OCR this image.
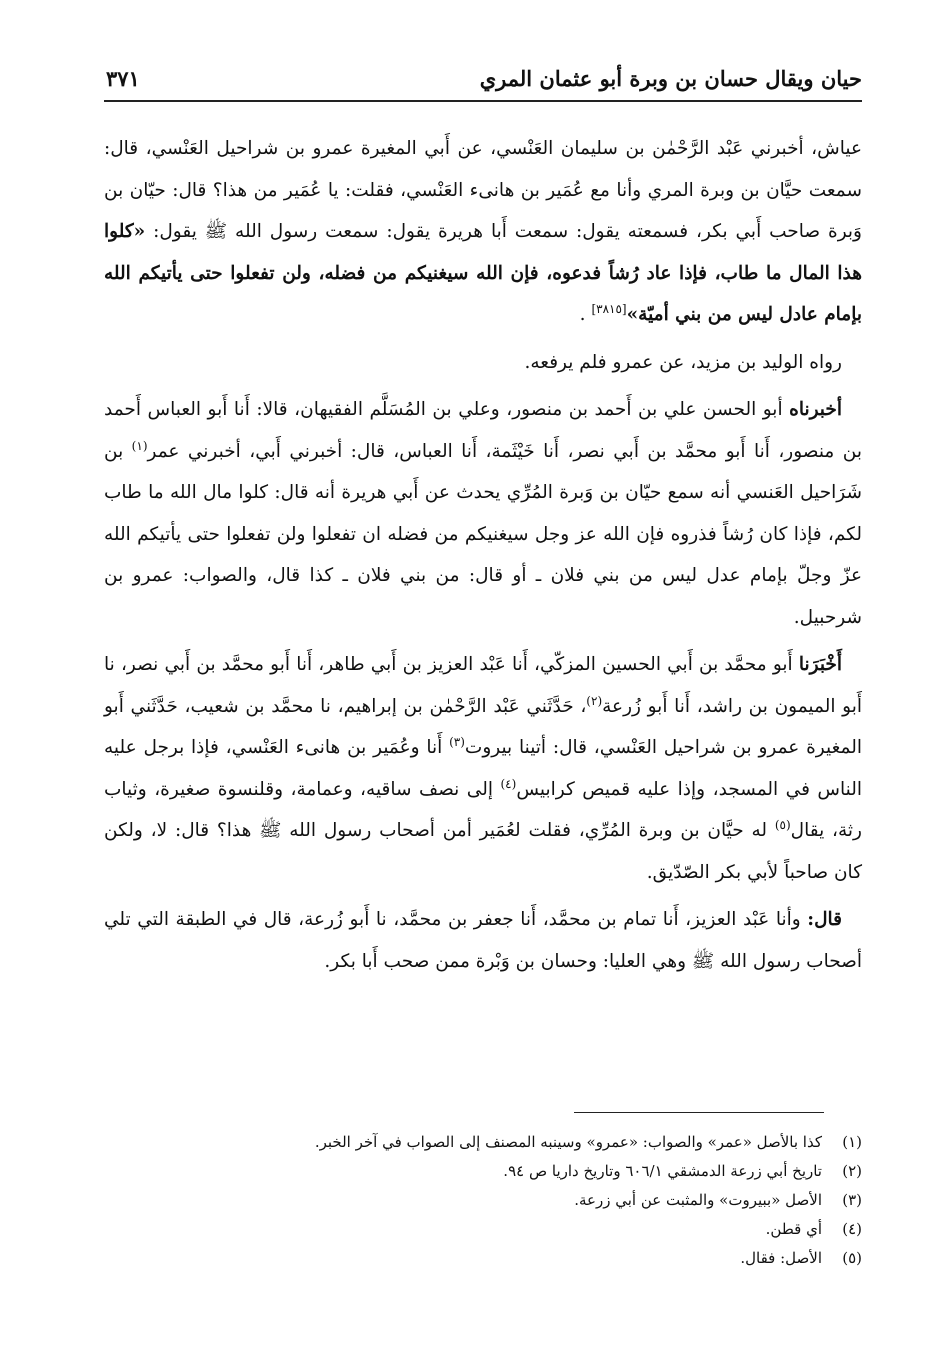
حيان ويقال حسان بن وبرة أبو عثمان المري
٣٧١

عياش، أخبرني عَبْد الرَّحْمٰن بن سليمان العَنْسي، عن أَبي المغيرة عمرو بن شراحيل العَنْسي، قال: سمعت حيَّان بن وبرة المري وأنا مع عُمَير بن هانىء العَنْسي، فقلت: يا عُمَير من هذا؟ قال: حيّان بن وَبرة صاحب أَبي بكر، فسمعته يقول: سمعت أَبا هريرة يقول: سمعت رسول الله ﷺ يقول: «كلوا هذا المال ما طاب، فإذا عاد رُشاً فدعوه، فإن الله سيغنيكم من فضله، ولن تفعلوا حتى يأتيكم الله بإمام عادل ليس من بني أميّة»[٣٨١٥] .

رواه الوليد بن مزيد، عن عمرو فلم يرفعه.

أخبرناه أبو الحسن علي بن أَحمد بن منصور، وعلي بن المُسَلَّم الفقيهان، قالا: أَنا أَبو العباس أَحمد بن منصور، أَنا أَبو محمَّد بن أَبي نصر، أَنا خَيْثَمة، أَنا العباس، قال: أخبرني أَبي، أخبرني عمر$^{(١)}$ بن شَرَاحيل العَنسي أنه سمع حيّان بن وَبرة المُرِّي يحدث عن أَبي هريرة أنه قال: كلوا مال الله ما طاب لكم، فإذا كان رُشاً فذروه فإن الله عز وجل سيغنيكم من فضله ان تفعلوا ولن تفعلوا حتى يأتيكم الله عزّ وجلّ بإمام عدل ليس من بني فلان ـ أو قال: من بني فلان ـ كذا قال، والصواب: عمرو بن شرحبيل.

أَخْبَرَنا أَبو محمَّد بن أَبي الحسين المزكّي، أَنا عَبْد العزيز بن أَبي طاهر، أَنا أَبو محمَّد بن أَبي نصر، نا أَبو الميمون بن راشد، أَنا أَبو زُرعة$^{(٢)}$، حَدَّثَني عَبْد الرَّحْمٰن بن إبراهيم، نا محمَّد بن شعيب، حَدَّثَني أَبو المغيرة عمرو بن شراحيل العَنْسي، قال: أتينا بيروت$^{(٣)}$ أَنا وعُمَير بن هانىء العَنْسي، فإذا برجل عليه الناس في المسجد، وإذا عليه قميص كرابيس$^{(٤)}$ إلى نصف ساقيه، وعمامة، وقلنسوة صغيرة، وثياب رثة، يقال$^{(٥)}$ له حيَّان بن وبرة المُرِّي، فقلت لعُمَير أمن أصحاب رسول الله ﷺ هذا؟ قال: لا، ولكن كان صاحباً لأبي بكر الصّدّيق.

قال: وأنا عَبْد العزيز، أَنا تمام بن محمَّد، أَنا جعفر بن محمَّد، نا أَبو زُرعة، قال في الطبقة التي تلي أصحاب رسول الله ﷺ وهي العليا: وحسان بن وَبْرة ممن صحب أَبا بكر.

(١)
كذا بالأصل «عمر» والصواب: «عمرو» وسينبه المصنف إلى الصواب في آخر الخبر.
(٢)
تاريخ أبي زرعة الدمشقي ٦٠٦/١ وتاريخ داريا ص ٩٤.
(٣)
الأصل «ببيروت» والمثبت عن أبي زرعة.
(٤)
أي قطن.
(٥)
الأصل: فقال.
